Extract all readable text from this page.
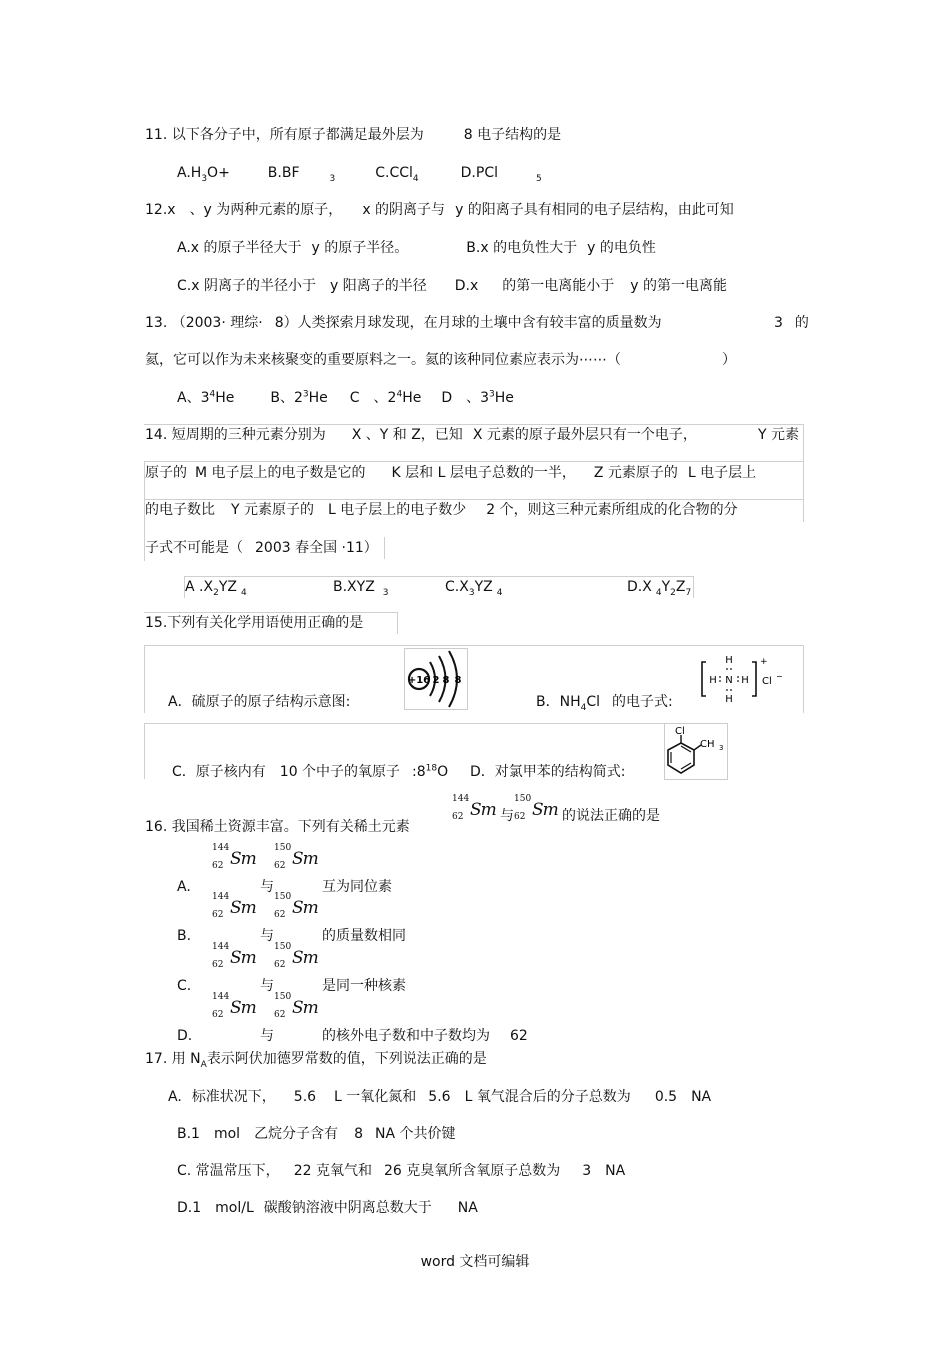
11. 以下各分子中，所有原子都满足最外层为	8 电子结构的是
$A.H_3O+$	B.BF	$_3$	C.CCl$_4$	D.PCl	$_5$
12.x 、y 为两种元素的原子， x 的阴离子与 y 的阳离子具有相同的电子层结构，由此可知
A.x 的原子半径大于 y 的原子半径。	B.x 的电负性大于 y 的电负性
C.x 阴离子的半径小于 y 阳离子的半径 D.x 的第一电离能小于 y 的第一电离能
13. （2003· 理综· 8）人类探索月球发现，在月球的土壤中含有较丰富的质量数为	3 的
氦，它可以作为未来核聚变的重要原料之一。氦的该种同位素应表示为⋯⋯（	）
A、$3^4He$	B、$2^3He$ C 、$2^4He$ D 、$3^3He$
14. 短周期的三种元素分别为 X 、Y 和 Z，已知 X 元素的原子最外层只有一个电子，	Y 元素
原子的 M 电子层上的电子数是它的 K 层和 L 层电子总数的一半， Z 元素原子的 L 电子层上
的电子数比 Y 元素原子的 L 电子层上的电子数少 2 个，则这三种元素所组成的化合物的分
子式不可能是（ 2003 春全国 ·11）
A $.X_2YZ$ $_4$	B.XYZ $_3$	$C.X_3YZ$ $_4$	D.X $_4Y_2Z_7$
15.下列有关化学用语使用正确的是
A．硫原子的原子结构示意图:
+16 2 8 8
B．$NH_4Cl$ 的电子式:
H
H N H
H
+
Cl −
C．原子核内有 10 个中子的氧原子 $:8^{18}O$ D．对氯甲苯的结构简式:
Cl
CH 3
16. 我国稀土资源丰富。下列有关稀土元素
144
62 Sm 与
150
62 Sm 的说法正确的是
A.
144
62 Sm
与
150
62 Sm
互为同位素
B.
144
62 Sm
与
150
62 Sm
的质量数相同
C.
144
62 Sm
与
150
62 Sm
是同一种核素
D.
144
62 Sm
与
150
62 Sm
的核外电子数和中子数均为 62
17. 用 $N_A$表示阿伏加德罗常数的值，下列说法正确的是
A. 标准状况下， 5.6 L 一氧化氮和 5.6 L 氧气混合后的分子总数为 0.5 NA
B.1 mol 乙烷分子含有 8 NA 个共价键
C. 常温常压下， 22 克氧气和 26 克臭氧所含氧原子总数为 3 NA
D.1 mol/L 碳酸钠溶液中阴离总数大于 NA
word 文档可编辑
